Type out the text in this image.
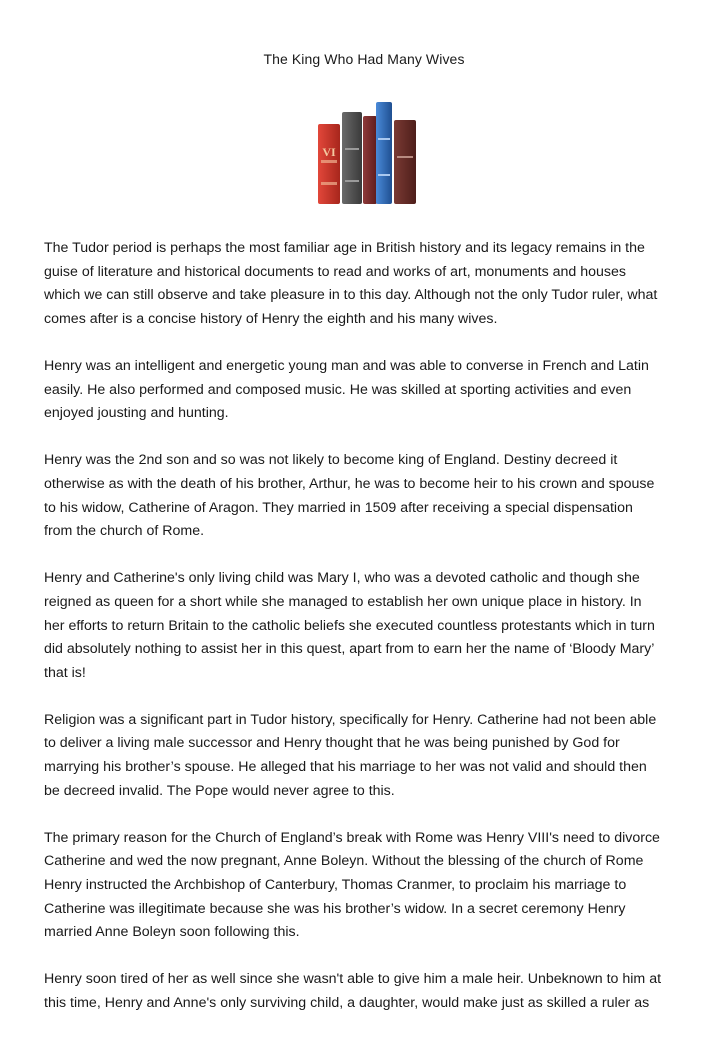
The King Who Had Many Wives
VI

The Tudor period is perhaps the most familiar age in British history and its legacy remains in the
guise of literature and historical documents to read and works of art, monuments and houses
which we can still observe and take pleasure in to this day. Although not the only Tudor ruler, what
comes after is a concise history of Henry the eighth and his many wives.

Henry was an intelligent and energetic young man and was able to converse in French and Latin
easily. He also performed and composed music. He was skilled at sporting activities and even
enjoyed jousting and hunting.

Henry was the 2nd son and so was not likely to become king of England. Destiny decreed it
otherwise as with the death of his brother, Arthur, he was to become heir to his crown and spouse
to his widow, Catherine of Aragon. They married in 1509 after receiving a special dispensation
from the church of Rome.

Henry and Catherine's only living child was Mary I, who was a devoted catholic and though she
reigned as queen for a short while she managed to establish her own unique place in history. In
her efforts to return Britain to the catholic beliefs she executed countless protestants which in turn
did absolutely nothing to assist her in this quest, apart from to earn her the name of ‘Bloody Mary’
that is!

Religion was a significant part in Tudor history, specifically for Henry. Catherine had not been able
to deliver a living male successor and Henry thought that he was being punished by God for
marrying his brother’s spouse. He alleged that his marriage to her was not valid and should then
be decreed invalid. The Pope would never agree to this.

The primary reason for the Church of England’s break with Rome was Henry VIII's need to divorce
Catherine and wed the now pregnant, Anne Boleyn. Without the blessing of the church of Rome
Henry instructed the Archbishop of Canterbury, Thomas Cranmer, to proclaim his marriage to
Catherine was illegitimate because she was his brother’s widow. In a secret ceremony Henry
married Anne Boleyn soon following this.

Henry soon tired of her as well since she wasn't able to give him a male heir. Unbeknown to him at
this time, Henry and Anne's only surviving child, a daughter, would make just as skilled a ruler as
